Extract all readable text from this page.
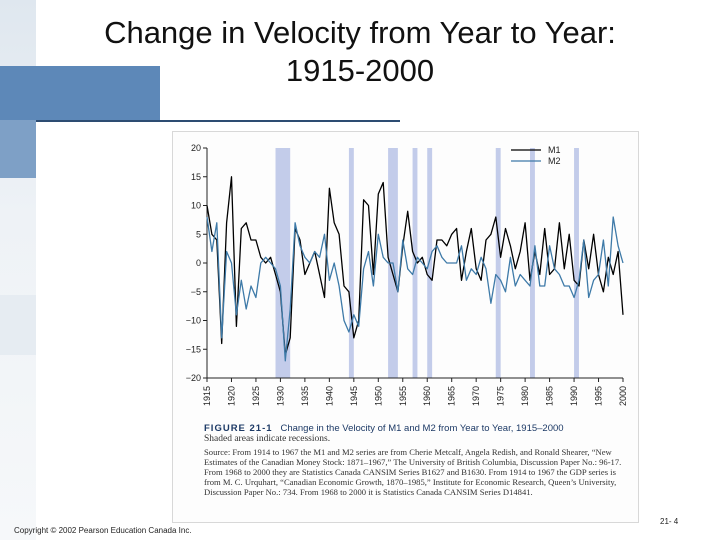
Change in Velocity from Year to Year:
1915-2000
20
15
10
5
0
−5
−10
−15
−20
1915 1920 1925 1930 1935 1940 1945 1950 1955 1960 1965 1970 1975 1980 1985 1990 1995 2000
M1
M2
FIGURE 21-1 Change in the Velocity of M1 and M2 from Year to Year, 1915–2000
Shaded areas indicate recessions.
Source: From 1914 to 1967 the M1 and M2 series are from Cherie Metcalf, Angela Redish, and Ronald Shearer, “New Estimates of the Canadian Money Stock: 1871–1967,” The University of British Columbia, Discussion Paper No.: 96-17. From 1968 to 2000 they are Statistics Canada CANSIM Series B1627 and B1630. From 1914 to 1967 the GDP series is from M. C. Urquhart, “Canadian Economic Growth, 1870–1985,” Institute for Economic Research, Queen’s University, Discussion Paper No.: 734. From 1968 to 2000 it is Statistics Canada CANSIM Series D14841.
Copyright © 2002 Pearson Education Canada Inc.
21- 4
